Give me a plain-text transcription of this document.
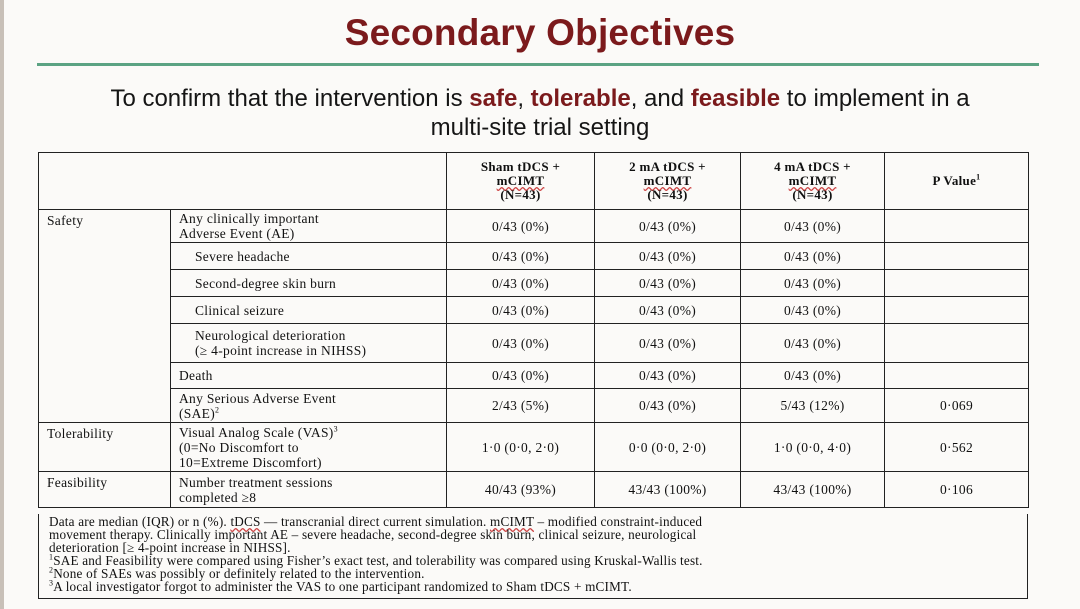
Secondary Objectives
To confirm that the intervention is safe, tolerable, and feasible to implement in a
multi-site trial setting
		Sham tDCS +
mCIMT
(N=43)	2 mA tDCS +
mCIMT
(N=43)	4 mA tDCS +
mCIMT
(N=43)	P Value$^1$
Safety	Any clinically important
Adverse Event (AE)	0/43 (0%)	0/43 (0%)	0/43 (0%)	
	Severe headache	0/43 (0%)	0/43 (0%)	0/43 (0%)	
	Second-degree skin burn	0/43 (0%)	0/43 (0%)	0/43 (0%)	
	Clinical seizure	0/43 (0%)	0/43 (0%)	0/43 (0%)	
	Neurological deterioration
(≥ 4-point increase in NIHSS)	0/43 (0%)	0/43 (0%)	0/43 (0%)	
	Death	0/43 (0%)	0/43 (0%)	0/43 (0%)	
	Any Serious Adverse Event
(SAE)$^2$	2/43 (5%)	0/43 (0%)	5/43 (12%)	0·069
Tolerability	Visual Analog Scale (VAS)$^3$
(0=No Discomfort to
10=Extreme Discomfort)	1·0 (0·0, 2·0)	0·0 (0·0, 2·0)	1·0 (0·0, 4·0)	0·562
Feasibility	Number treatment sessions
completed ≥8	40/43 (93%)	43/43 (100%)	43/43 (100%)	0·106

Data are median (IQR) or n (%). tDCS — transcranial direct current simulation. mCIMT – modified constraint-induced

movement therapy. Clinically important AE – severe headache, second-degree skin burn, clinical seizure, neurological

deterioration [≥ 4-point increase in NIHSS].

$^1$SAE and Feasibility were compared using Fisher’s exact test, and tolerability was compared using Kruskal-Wallis test.

$^2$None of SAEs was possibly or definitely related to the intervention.

$^3$A local investigator forgot to administer the VAS to one participant randomized to Sham tDCS + mCIMT.
